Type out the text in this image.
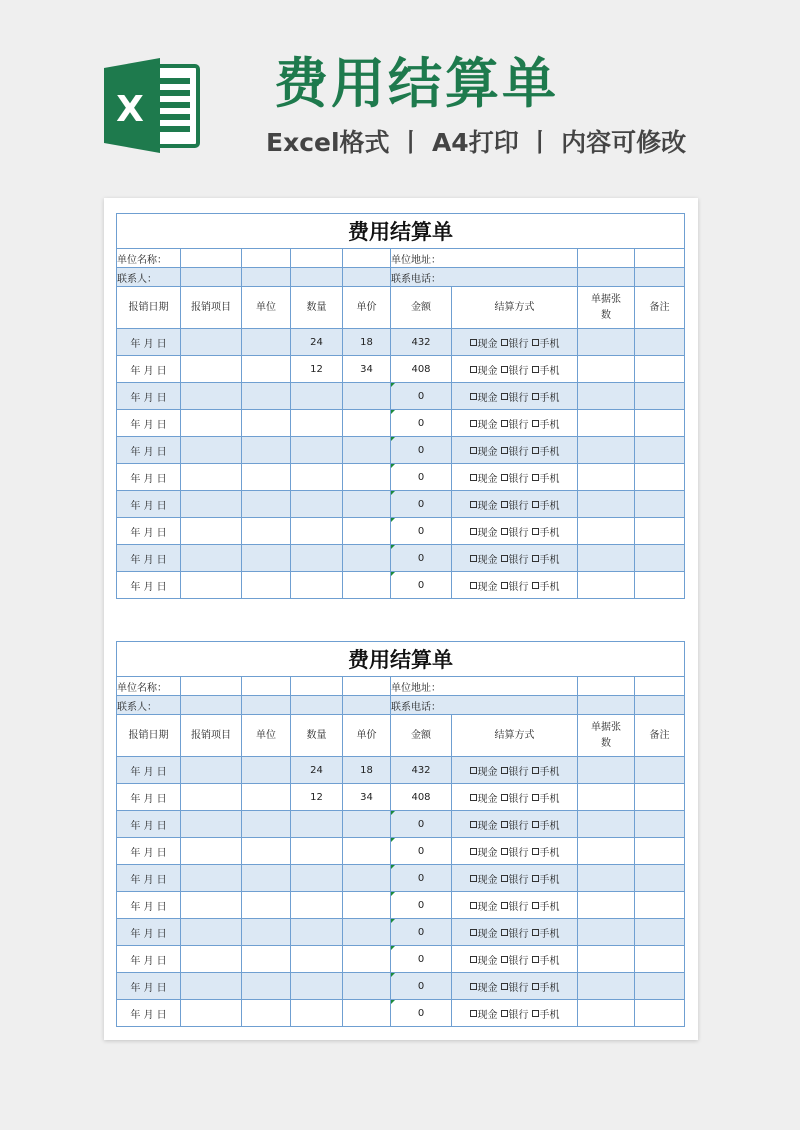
X 费用结算单
Excel格式 丨 A4打印 丨 内容可修改
费用结算单								
单位名称：					单位地址：			
联系人：					联系电话：			
报销日期	报销项目	单位	数量	单价	金额	结算方式	单据张数	备注
年 月 日			24	18	432	现金 银行 手机		
年 月 日			12	34	408	现金 银行 手机		
年 月 日					0	现金 银行 手机		
年 月 日					0	现金 银行 手机		
年 月 日					0	现金 银行 手机		
年 月 日					0	现金 银行 手机		
年 月 日					0	现金 银行 手机		
年 月 日					0	现金 银行 手机		
年 月 日					0	现金 银行 手机		
年 月 日					0	现金 银行 手机		
费用结算单								
单位名称：					单位地址：			
联系人：					联系电话：			
报销日期	报销项目	单位	数量	单价	金额	结算方式	单据张数	备注
年 月 日			24	18	432	现金 银行 手机		
年 月 日			12	34	408	现金 银行 手机		
年 月 日					0	现金 银行 手机		
年 月 日					0	现金 银行 手机		
年 月 日					0	现金 银行 手机		
年 月 日					0	现金 银行 手机		
年 月 日					0	现金 银行 手机		
年 月 日					0	现金 银行 手机		
年 月 日					0	现金 银行 手机		
年 月 日					0	现金 银行 手机		
